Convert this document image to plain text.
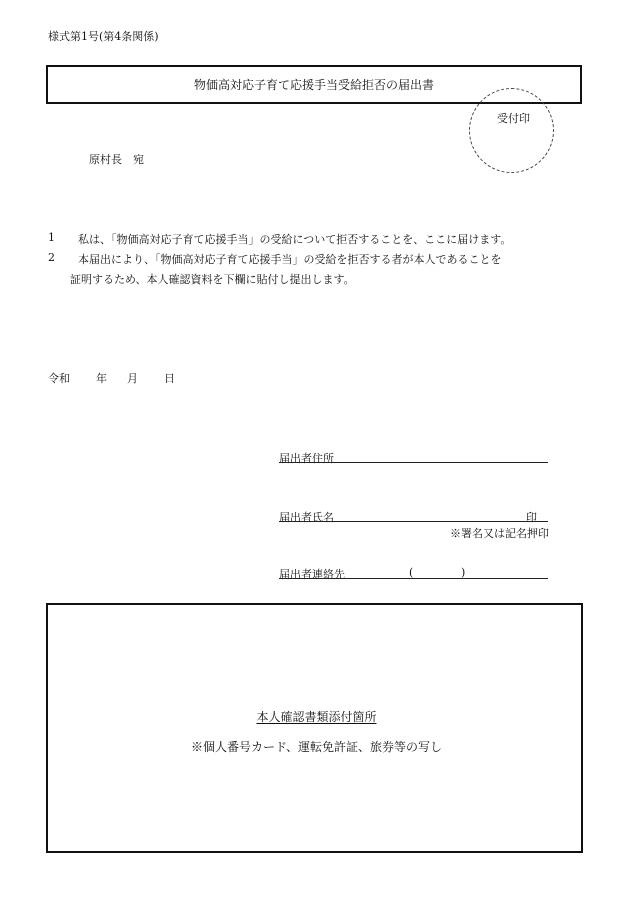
様式第1号(第4条関係)
物価高対応子育て応援手当受給拒否の届出書
受付印
原村長　宛
1 私は、「物価高対応子育て応援手当」の受給について拒否することを、ここに届けます。
2 本届出により、「物価高対応子育て応援手当」の受給を拒否する者が本人であることを
証明するため、本人確認資料を下欄に貼付し提出します。
令和 年 月 日
届出者住所
届出者氏名	印
※署名又は記名押印
届出者連絡先	(	)
本人確認書類添付箇所
※個人番号カード、運転免許証、旅券等の写し
